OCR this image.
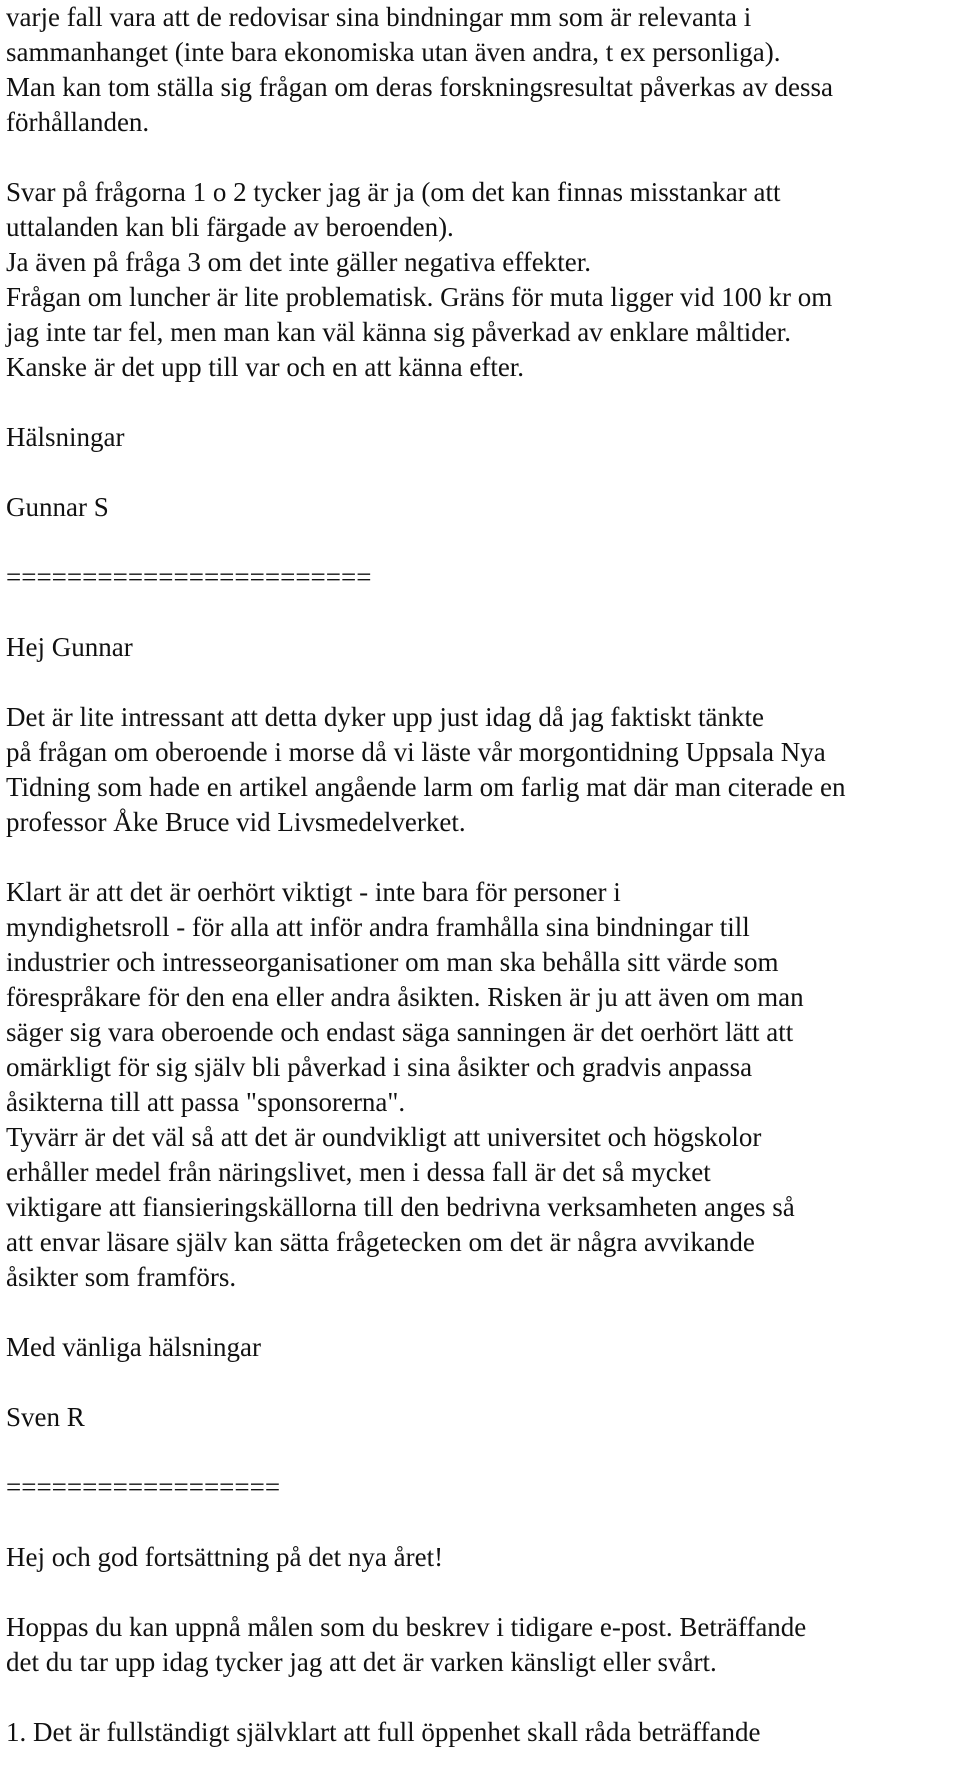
varje fall vara att de redovisar sina bindningar mm som är relevanta i
sammanhanget (inte bara ekonomiska utan även andra, t ex personliga).
Man kan tom ställa sig frågan om deras forskningsresultat påverkas av dessa
förhållanden.
Svar på frågorna 1 o 2 tycker jag är ja (om det kan finnas misstankar att
uttalanden kan bli färgade av beroenden).
Ja även på fråga 3 om det inte gäller negativa effekter.
Frågan om luncher är lite problematisk. Gräns för muta ligger vid 100 kr om
jag inte tar fel, men man kan väl känna sig påverkad av enklare måltider.
Kanske är det upp till var och en att känna efter.
Hälsningar
Gunnar S
========================
Hej Gunnar
Det är lite intressant att detta dyker upp just idag då jag faktiskt tänkte
på frågan om oberoende i morse då vi läste vår morgontidning Uppsala Nya
Tidning som hade en artikel angående larm om farlig mat där man citerade en
professor Åke Bruce vid Livsmedelverket.
Klart är att det är oerhört viktigt - inte bara för personer i
myndighetsroll - för alla att inför andra framhålla sina bindningar till
industrier och intresseorganisationer om man ska behålla sitt värde som
förespråkare för den ena eller andra åsikten. Risken är ju att även om man
säger sig vara oberoende och endast säga sanningen är det oerhört lätt att
omärkligt för sig själv bli påverkad i sina åsikter och gradvis anpassa
åsikterna till att passa "sponsorerna".
Tyvärr är det väl så att det är oundvikligt att universitet och högskolor
erhåller medel från näringslivet, men i dessa fall är det så mycket
viktigare att fiansieringskällorna till den bedrivna verksamheten anges så
att envar läsare själv kan sätta frågetecken om det är några avvikande
åsikter som framförs.
Med vänliga hälsningar
Sven R
==================
Hej och god fortsättning på det nya året!
Hoppas du kan uppnå målen som du beskrev i tidigare e-post. Beträffande
det du tar upp idag tycker jag att det är varken känsligt eller svårt.
1. Det är fullständigt självklart att full öppenhet skall råda beträffande
